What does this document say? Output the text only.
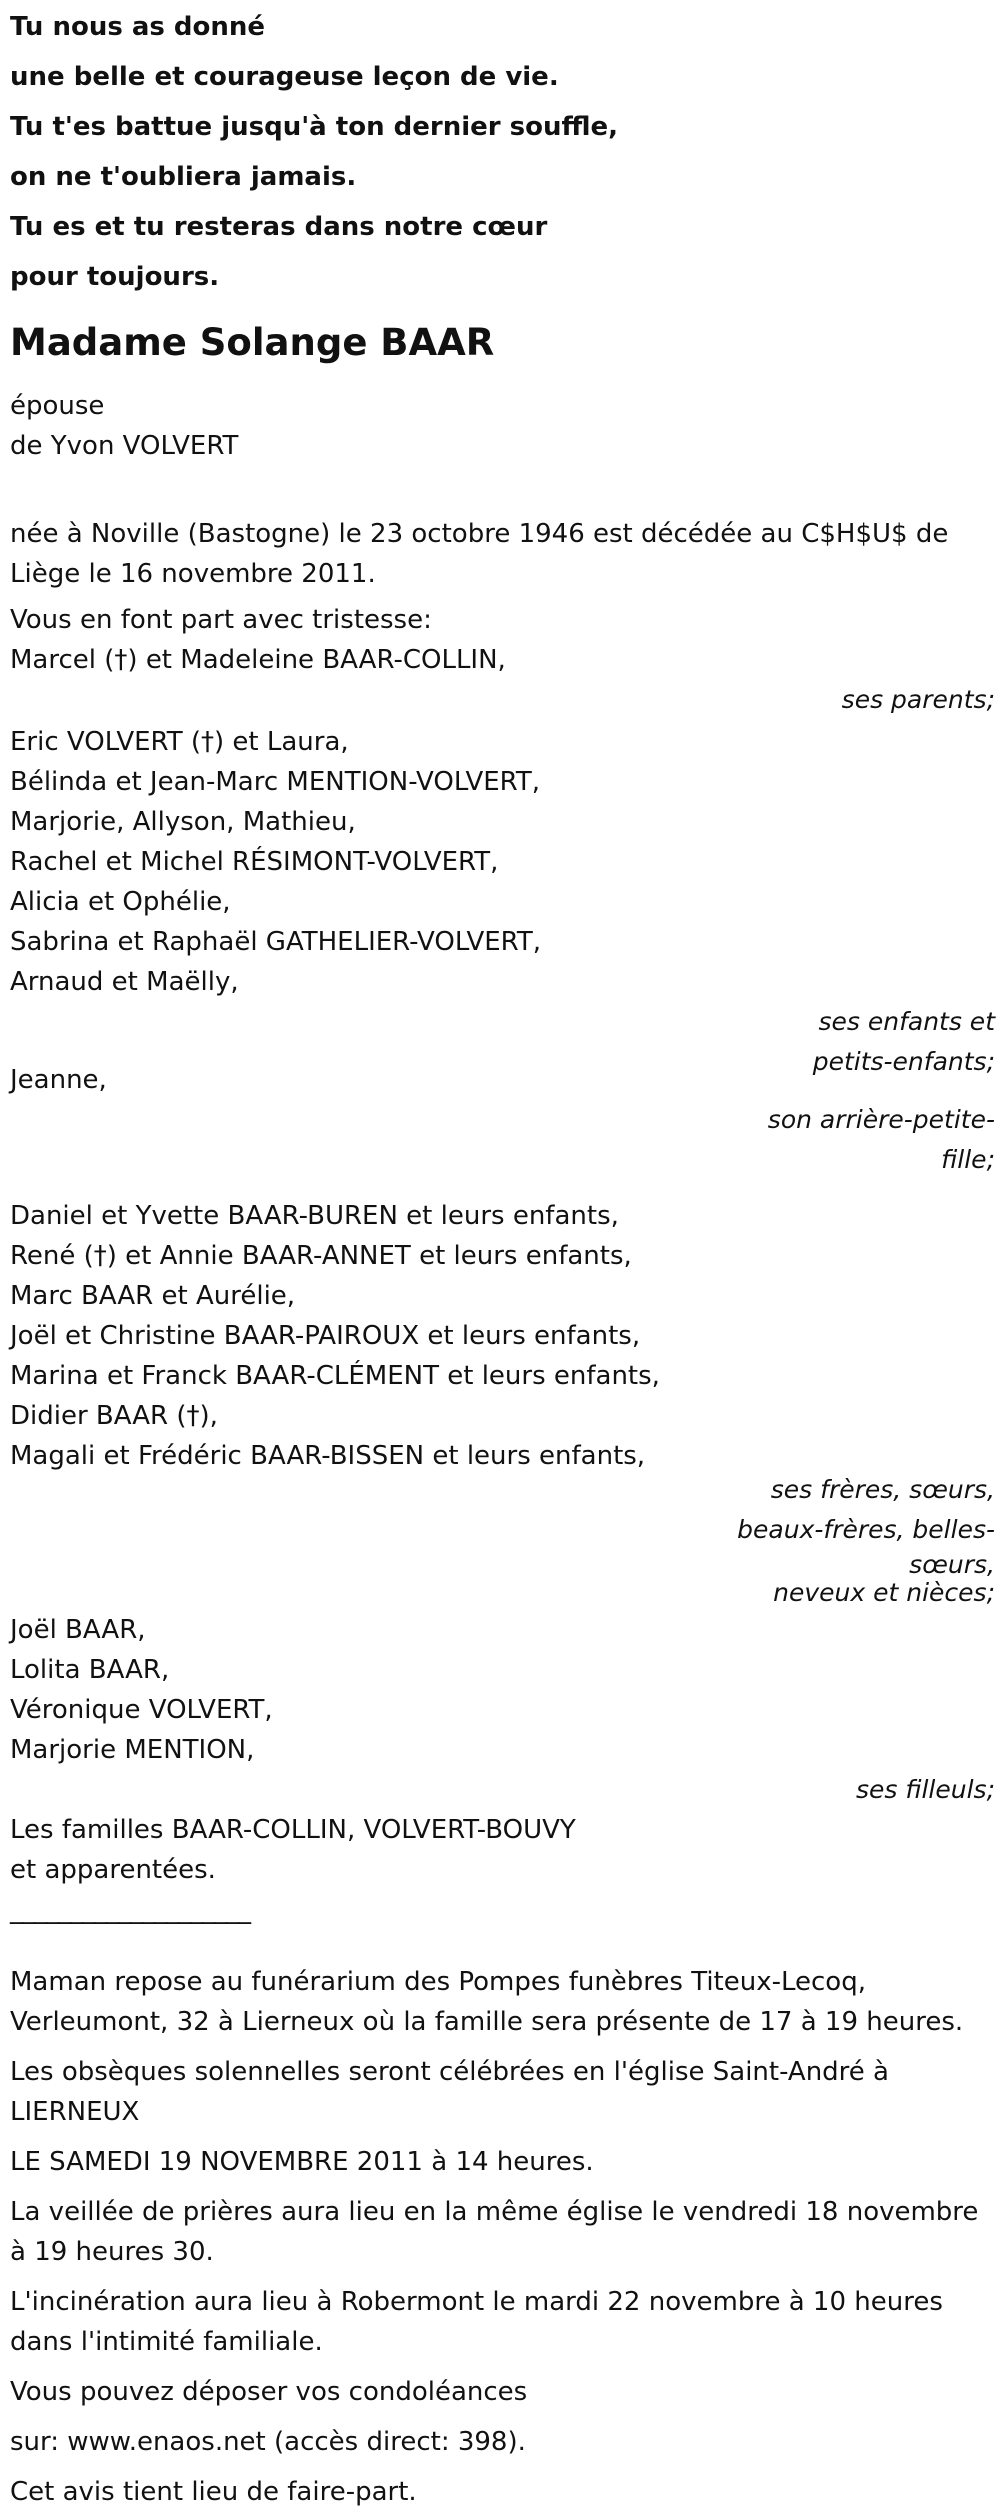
Tu nous as donné
une belle et courageuse leçon de vie.
Tu t'es battue jusqu'à ton dernier souffle,
on ne t'oubliera jamais.
Tu es et tu resteras dans notre cœur
pour toujours.
Madame Solange BAAR
épouse
de Yvon VOLVERT
née à Noville (Bastogne) le 23 octobre 1946 est décédée au C$H$U$ de
Liège le 16 novembre 2011.
Vous en font part avec tristesse:
Marcel (†) et Madeleine BAAR-COLLIN,
ses parents;
Eric VOLVERT (†) et Laura,
Bélinda et Jean-Marc MENTION-VOLVERT,
Marjorie, Allyson, Mathieu,
Rachel et Michel RÉSIMONT-VOLVERT,
Alicia et Ophélie,
Sabrina et Raphaël GATHELIER-VOLVERT,
Arnaud et Maëlly,
ses enfants et
petits-enfants;
Jeanne,
son arrière-petite-
fille;
Daniel et Yvette BAAR-BUREN et leurs enfants,
René (†) et Annie BAAR-ANNET et leurs enfants,
Marc BAAR et Aurélie,
Joël et Christine BAAR-PAIROUX et leurs enfants,
Marina et Franck BAAR-CLÉMENT et leurs enfants,
Didier BAAR (†),
Magali et Frédéric BAAR-BISSEN et leurs enfants,
ses frères, sœurs,
beaux-frères, belles-
sœurs,
neveux et nièces;
Joël BAAR,
Lolita BAAR,
Véronique VOLVERT,
Marjorie MENTION,
ses filleuls;
Les familles BAAR-COLLIN, VOLVERT-BOUVY
et apparentées.
____________________
Maman repose au funérarium des Pompes funèbres Titeux-Lecoq,
Verleumont, 32 à Lierneux où la famille sera présente de 17 à 19 heures.
Les obsèques solennelles seront célébrées en l'église Saint-André à
LIERNEUX
LE SAMEDI 19 NOVEMBRE 2011 à 14 heures.
La veillée de prières aura lieu en la même église le vendredi 18 novembre
à 19 heures 30.
L'incinération aura lieu à Robermont le mardi 22 novembre à 10 heures
dans l'intimité familiale.
Vous pouvez déposer vos condoléances
sur: www.enaos.net (accès direct: 398).
Cet avis tient lieu de faire-part.
